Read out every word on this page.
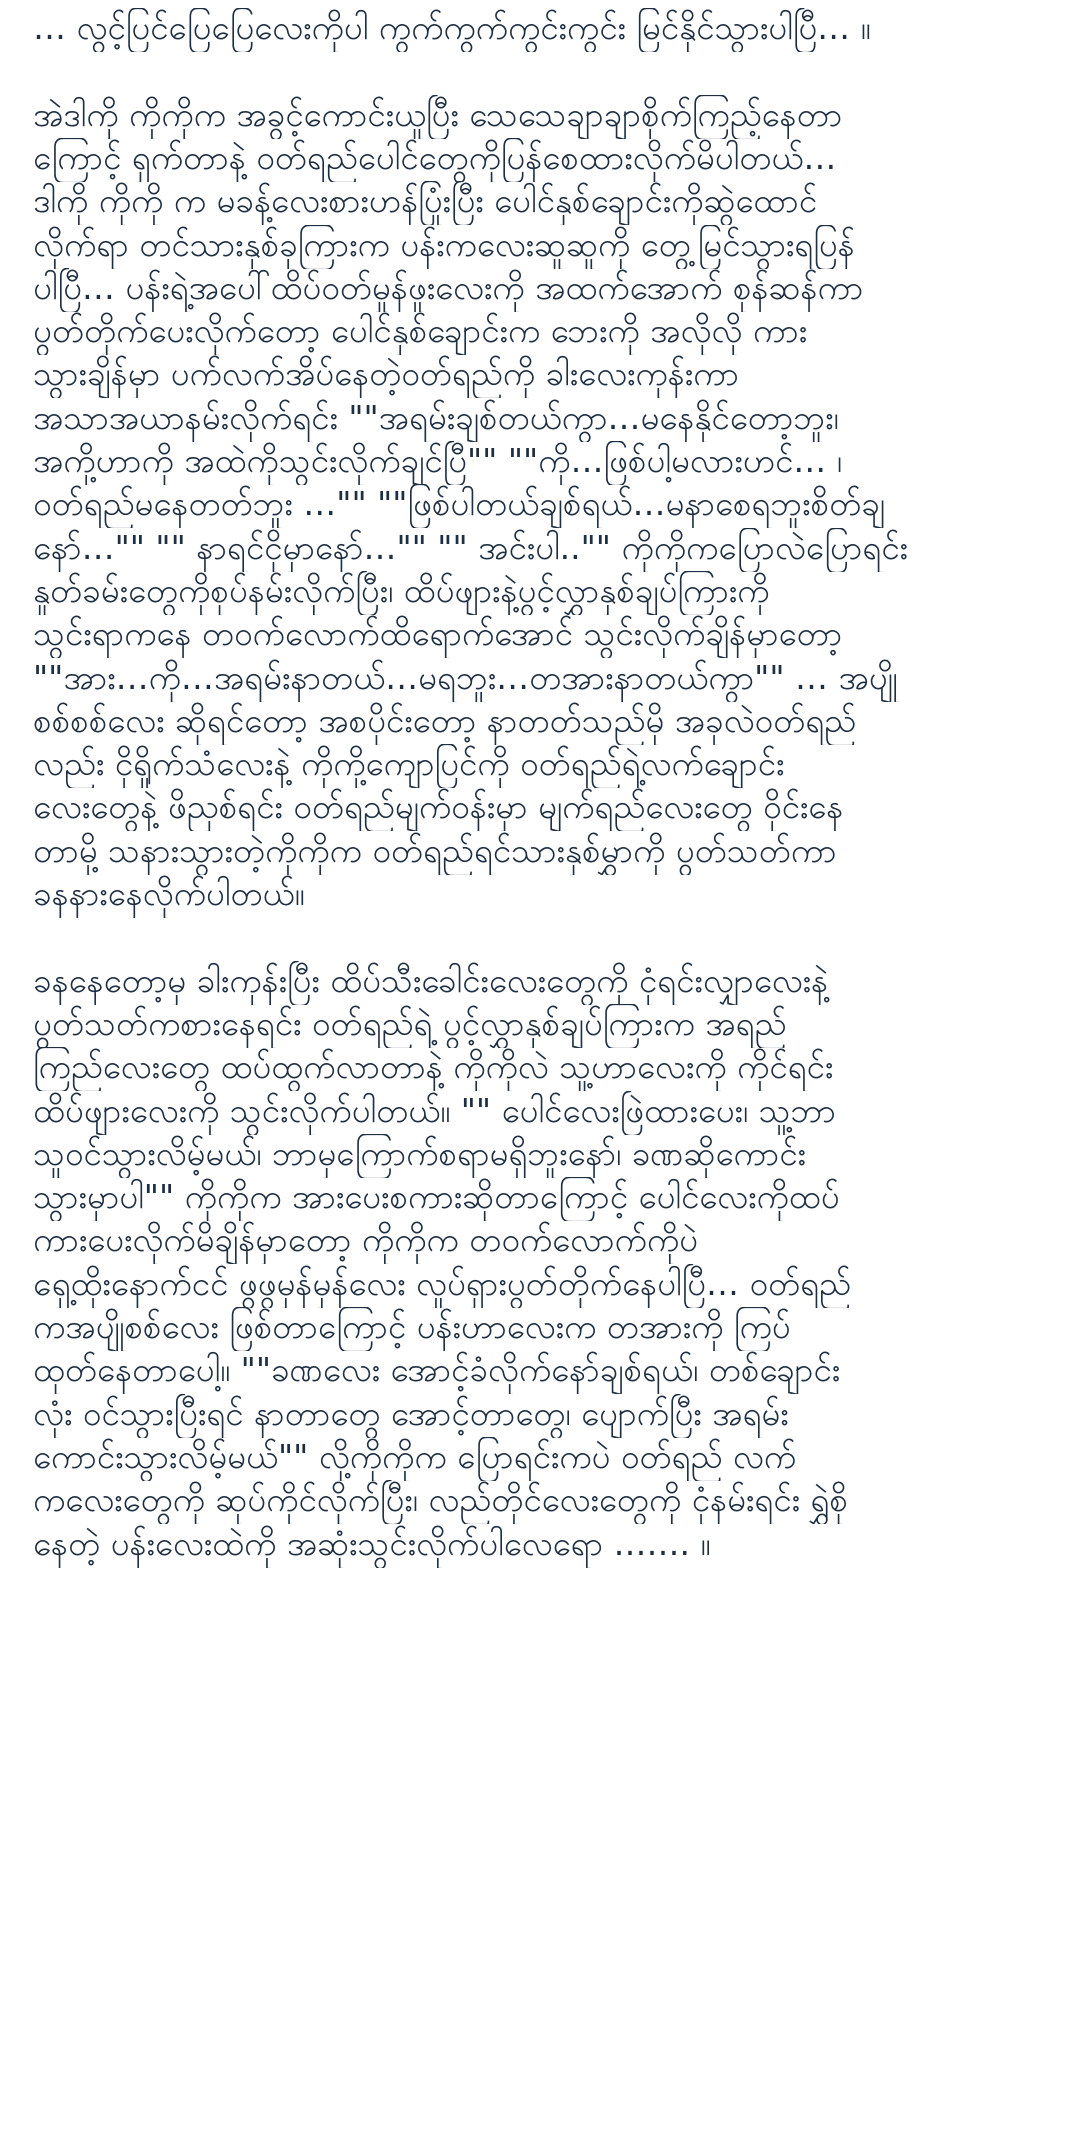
… လွင့်ပြင်ပြေပြေလေးကိုပါ ကွက်ကွက်ကွင်းကွင်း မြင်နိုင်သွားပါပြီ… ။
အဲဒါကို ကိုကိုက အခွင့်ကောင်းယူပြီး သေသေချာချာစိုက်ကြည့်နေတာ
ကြောင့် ရှက်တာနဲ့ ဝတ်ရည်ပေါင်တွေကိုပြန်စေထားလိုက်မိပါတယ်…
ဒါကို ကိုကို က မခန့်လေးစားဟန်ပြုံးပြီး ပေါင်နှစ်ချောင်းကိုဆွဲထောင်
လိုက်ရာ တင်သားနှစ်ခုကြားက ပန်းကလေးဆူဆူကို တွေ့မြင်သွားရပြန်
ပါပြီ… ပန်းရဲ့အပေါ်ထိပ်ဝတ်မှုန်ဖူးလေးကို အထက်အောက် စုန်ဆန်ကာ
ပွတ်တိုက်ပေးလိုက်တော့ ပေါင်နှစ်ချောင်းက ဘေးကို အလိုလို ကား
သွားချိန်မှာ ပက်လက်အိပ်နေတဲ့ဝတ်ရည်ကို ခါးလေးကုန်းကာ
အသာအယာနမ်းလိုက်ရင်း ""အရမ်းချစ်တယ်ကွာ…မနေနိုင်တော့ဘူး၊
အကို့ဟာကို အထဲကိုသွင်းလိုက်ချင်ပြီ"" ""ကို…ဖြစ်ပါ့မလားဟင်… ၊
ဝတ်ရည်မနေတတ်ဘူး …"" ""ဖြစ်ပါတယ်ချစ်ရယ်…မနာစေရဘူးစိတ်ချ
နော်…"" "" နာရင်ငိုမှာနော်…"" "" အင်းပါ.."" ကိုကိုကပြောလဲပြောရင်း
နှုတ်ခမ်းတွေကိုစုပ်နမ်းလိုက်ပြီး၊ ထိပ်ဖျားနဲ့ပွင့်လွှာနှစ်ချပ်ကြားကို
သွင်းရာကနေ တဝက်လောက်ထိရောက်အောင် သွင်းလိုက်ချိန်မှာတော့
""အား…ကို…အရမ်းနာတယ်…မရဘူး…တအားနာတယ်ကွာ"" … အပျို
စစ်စစ်လေး ဆိုရင်တော့ အစပိုင်းတော့ နာတတ်သည်မို အခုလဲဝတ်ရည်
လည်း ငိုရှိုက်သံလေးနဲ့ ကိုကို့ကျောပြင်ကို ဝတ်ရည်ရဲ့လက်ချောင်း
လေးတွေနဲ့ ဖိညှစ်ရင်း ဝတ်ရည်မျက်ဝန်းမှာ မျက်ရည်လေးတွေ ဝိုင်းနေ
တာမို့ သနားသွားတဲ့ကိုကိုက ဝတ်ရည်ရင်သားနှစ်မွှာကို ပွတ်သတ်ကာ
ခနနားနေလိုက်ပါတယ်။
ခနနေတော့မှ ခါးကုန်းပြီး ထိပ်သီးခေါင်းလေးတွေကို ငုံရင်းလျှာလေးနဲ့
ပွတ်သတ်ကစားနေရင်း ဝတ်ရည်ရဲ့ ပွင့်လွှာနှစ်ချပ်ကြားက အရည်
ကြည်လေးတွေ ထပ်ထွက်လာတာနဲ့ ကိုကိုလဲ သူ့ဟာလေးကို ကိုင်ရင်း
ထိပ်ဖျားလေးကို သွင်းလိုက်ပါတယ်။ "" ပေါင်လေးဖြဲထားပေး၊ သူ့ဘာ
သူဝင်သွားလိမ့်မယ်၊ ဘာမှကြောက်စရာမရှိဘူးနော်၊ ခဏဆိုကောင်း
သွားမှာပါ"" ကိုကိုက အားပေးစကားဆိုတာကြောင့် ပေါင်လေးကိုထပ်
ကားပေးလိုက်မိချိန်မှာတော့ ကိုကိုက တဝက်လောက်ကိုပဲ
ရှေ့ထိုးနောက်ငင် ဖွဖွမှန်မှန်လေး လှုပ်ရှားပွတ်တိုက်နေပါပြီ… ဝတ်ရည်
ကအပျိုစစ်လေး ဖြစ်တာကြောင့် ပန်းဟာလေးက တအားကို ကြပ်
ထုတ်နေတာပေါ့။ ""ခဏလေး အောင့်ခံလိုက်နော်ချစ်ရယ်၊ တစ်ချောင်း
လုံး ဝင်သွားပြီးရင် နာတာတွေ အောင့်တာတွေ၊ ပျောက်ပြီး အရမ်း
ကောင်းသွားလိမ့်မယ်"" လို့ကိုကိုက ပြောရင်းကပဲ ဝတ်ရည် လက်
ကလေးတွေကို ဆုပ်ကိုင်လိုက်ပြီး၊ လည်တိုင်လေးတွေကို ငုံနမ်းရင်း ရွှဲစို
နေတဲ့ ပန်းလေးထဲကို အဆုံးသွင်းလိုက်ပါလေရော ……. ။
